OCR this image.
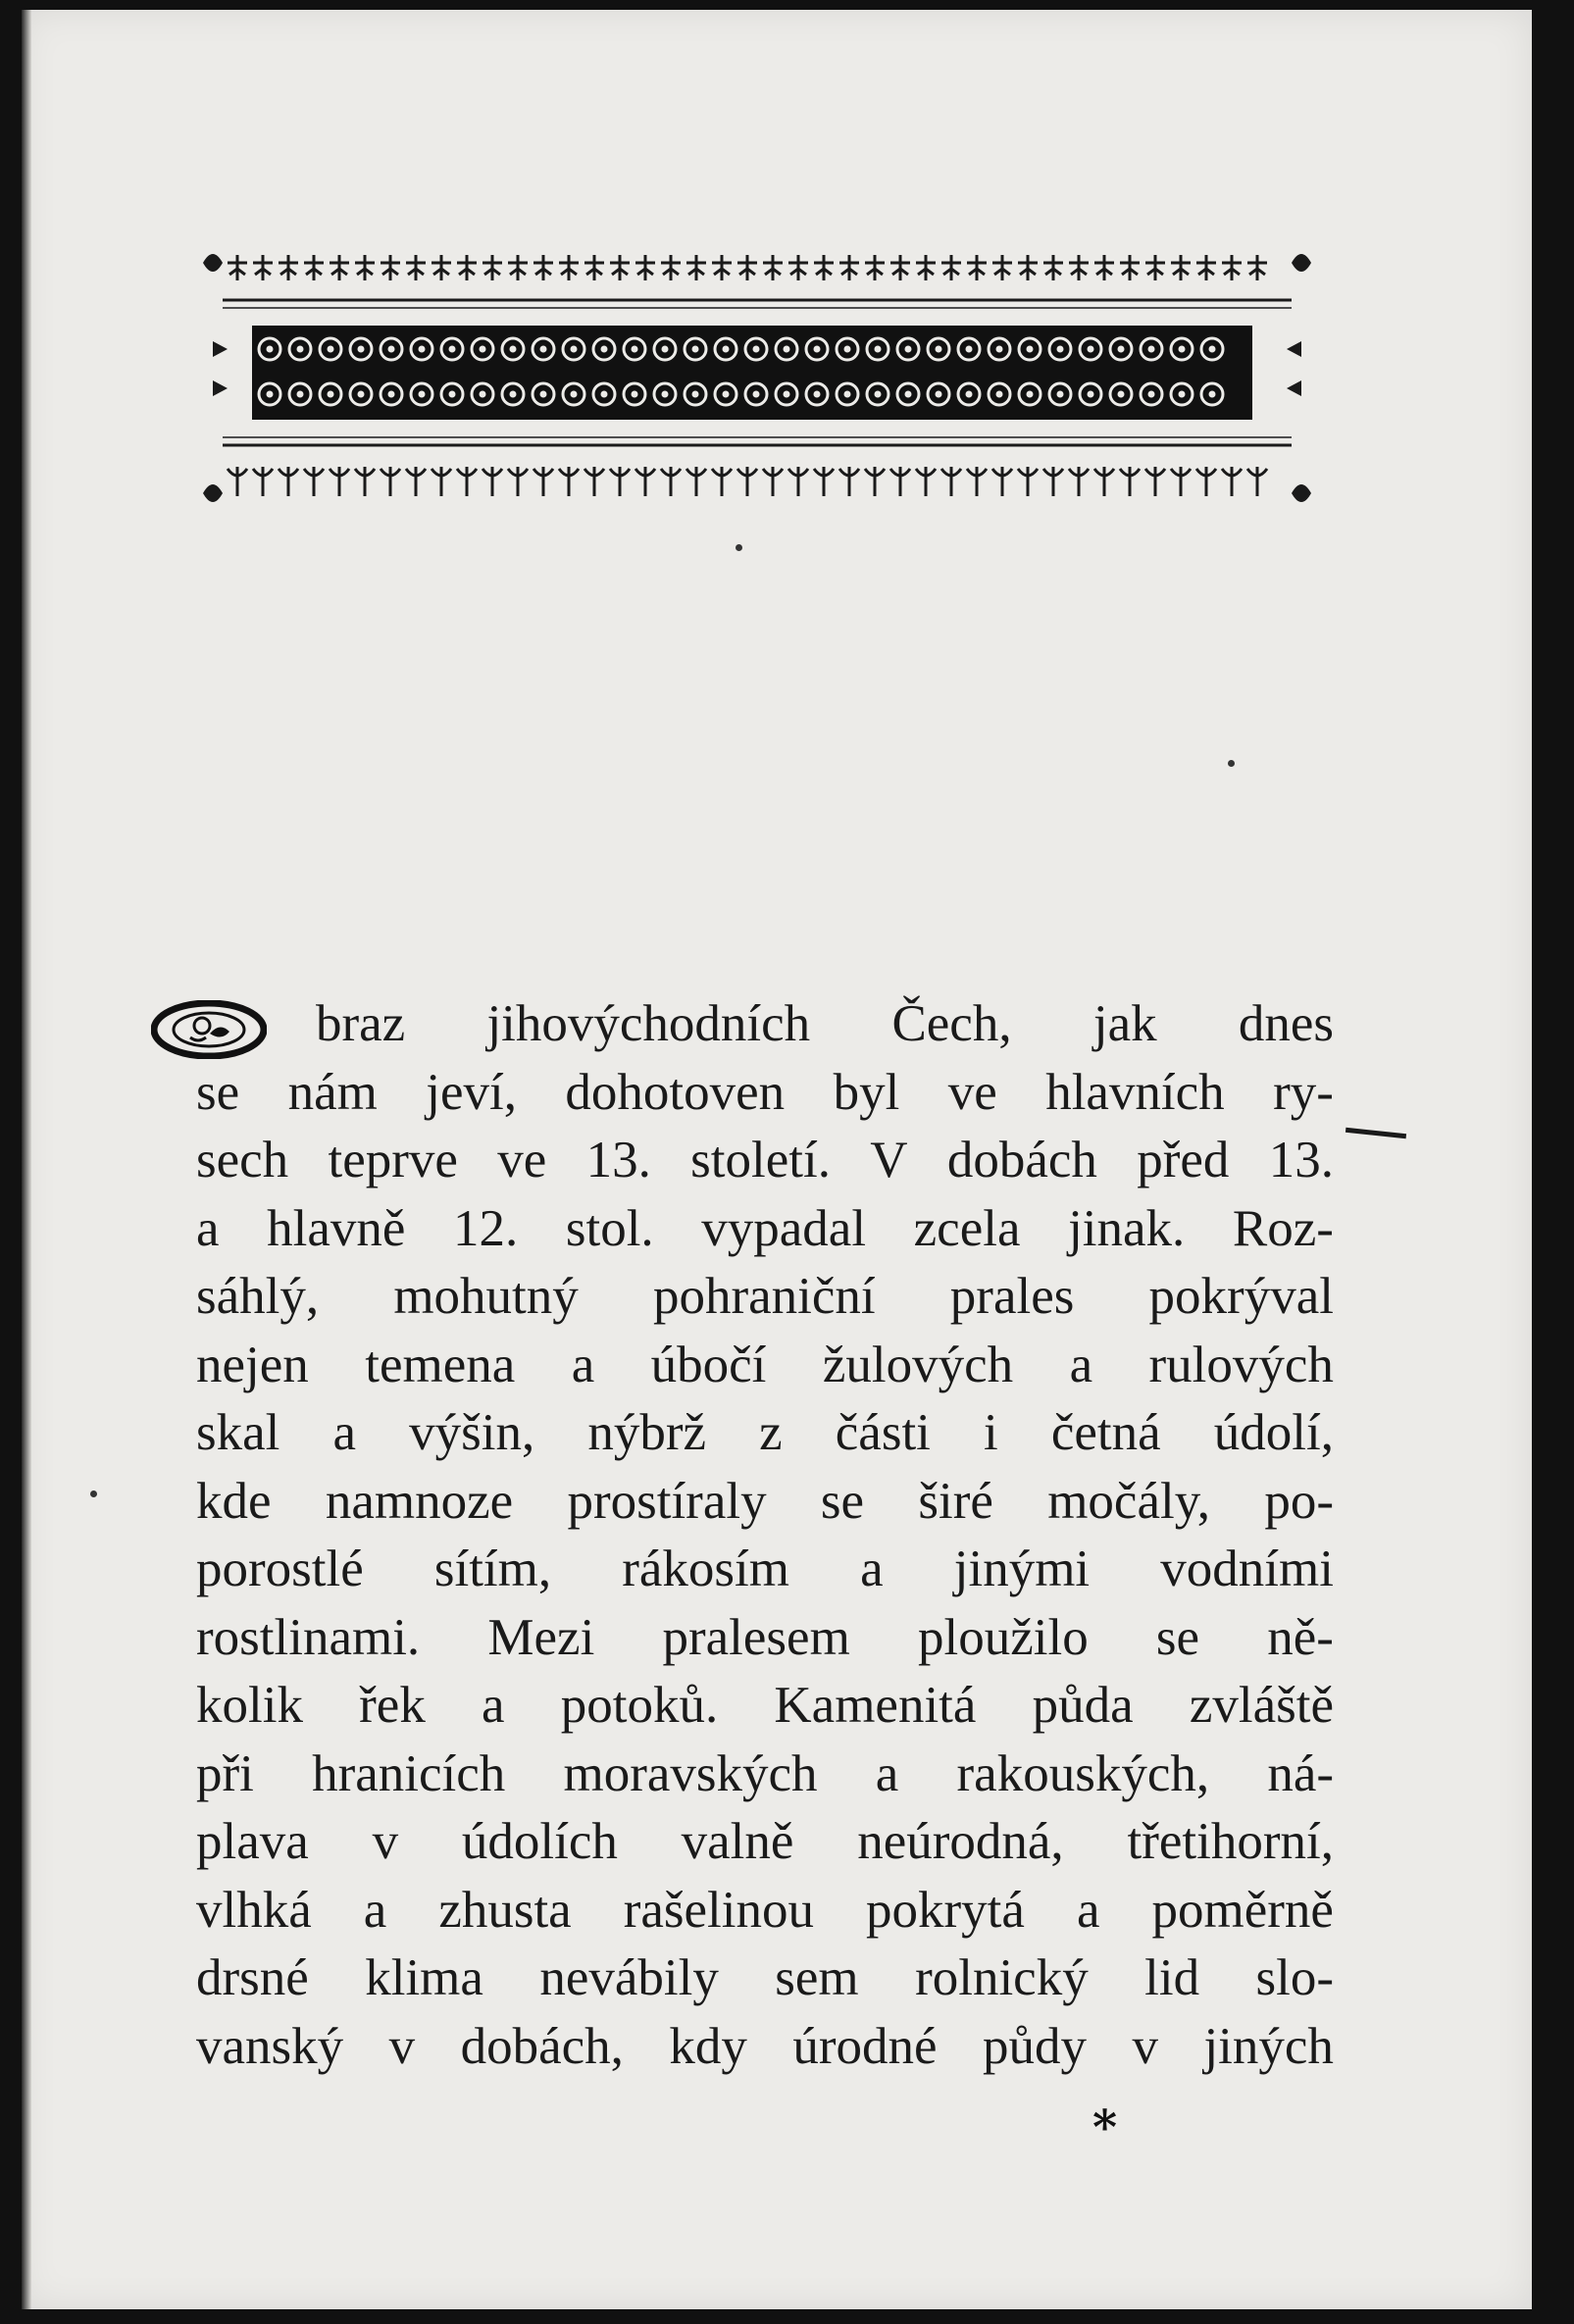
braz jihovýchodních Čech, jak dnes
se nám jeví, dohotoven byl ve hlavních ry-
sech teprve ve 13. století. V dobách před 13.
a hlavně 12. stol. vypadal zcela jinak. Roz-
sáhlý, mohutný pohraniční prales pokrýval
nejen temena a úbočí žulových a rulových
skal a výšin, nýbrž z části i četná údolí,
kde namnoze prostíraly se širé močály, po-
porostlé sítím, rákosím a jinými vodními
rostlinami. Mezi pralesem ploužilo se ně-
kolik řek a potoků. Kamenitá půda zvláště
při hranicích moravských a rakouských, ná-
plava v údolích valně neúrodná, třetihorní,
vlhká a zhusta rašelinou pokrytá a poměrně
drsné klima nevábily sem rolnický lid slo-
vanský v dobách, kdy úrodné půdy v jiných
*
